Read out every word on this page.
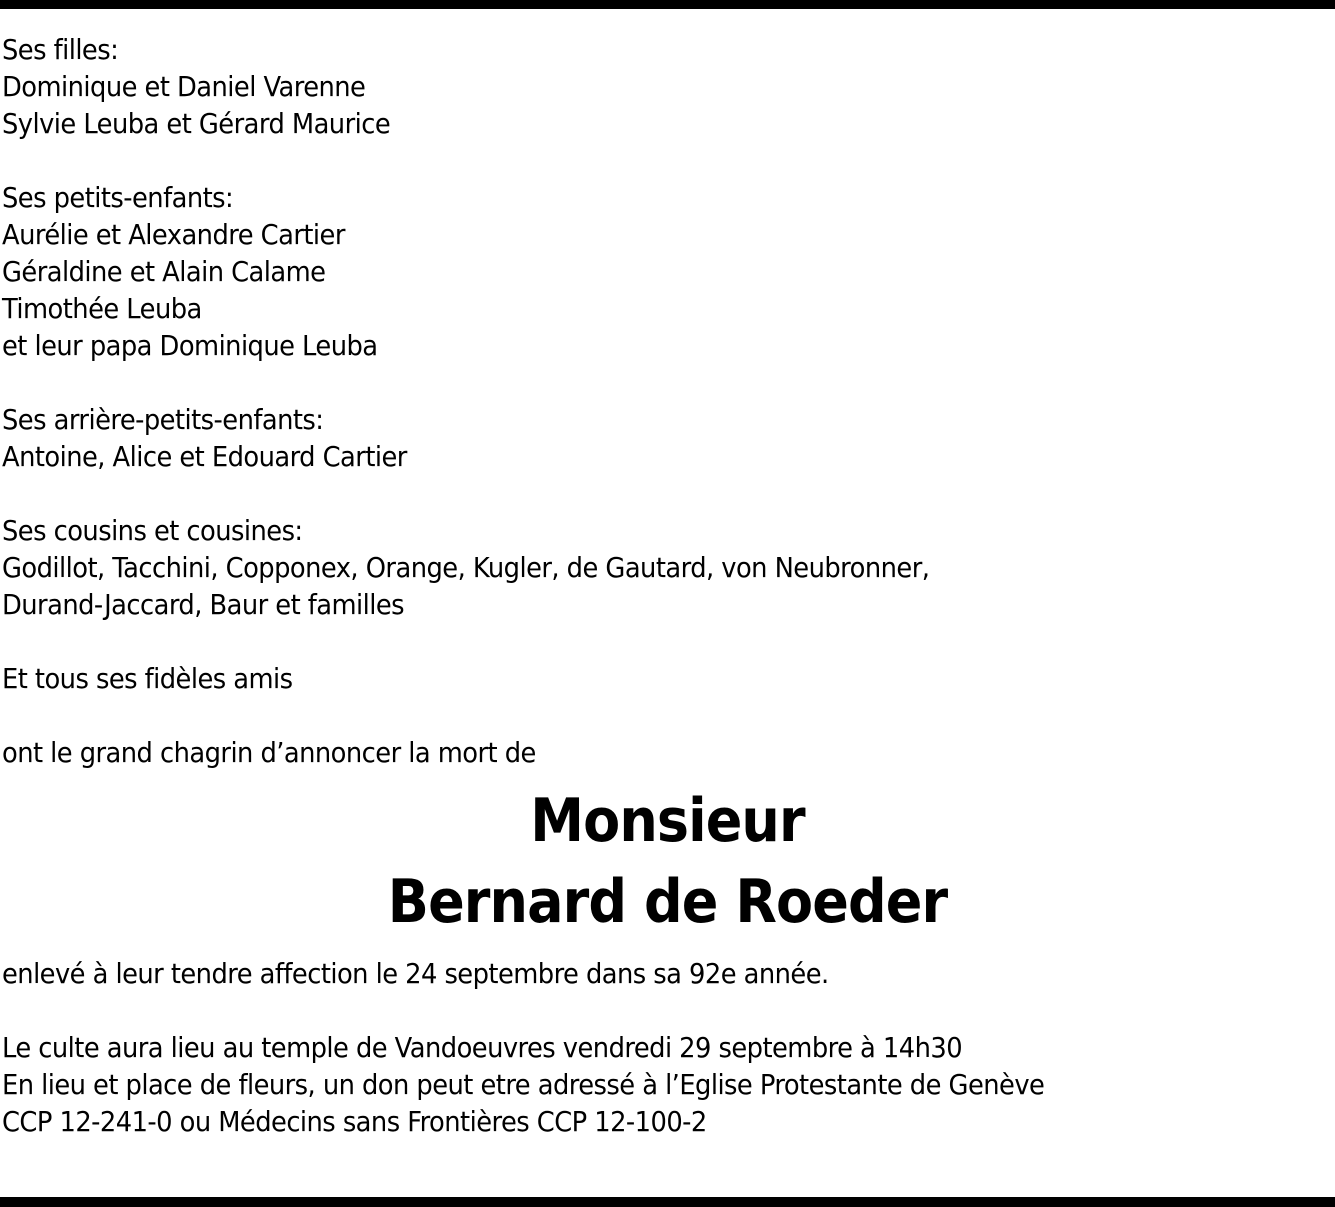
Ses filles:
Dominique et Daniel Varenne
Sylvie Leuba et Gérard Maurice
Ses petits-enfants:
Aurélie et Alexandre Cartier
Géraldine et Alain Calame
Timothée Leuba
et leur papa Dominique Leuba
Ses arrière-petits-enfants:
Antoine, Alice et Edouard Cartier
Ses cousins et cousines:
Godillot, Tacchini, Copponex, Orange, Kugler, de Gautard, von Neubronner,
Durand-Jaccard, Baur et familles
Et tous ses fidèles amis
ont le grand chagrin d’annoncer la mort de
Monsieur
Bernard de Roeder
enlevé à leur tendre affection le 24 septembre dans sa 92e année.
Le culte aura lieu au temple de Vandoeuvres vendredi 29 septembre à 14h30
En lieu et place de fleurs, un don peut etre adressé à l’Eglise Protestante de Genève
CCP 12-241-0 ou Médecins sans Frontières CCP 12-100-2
